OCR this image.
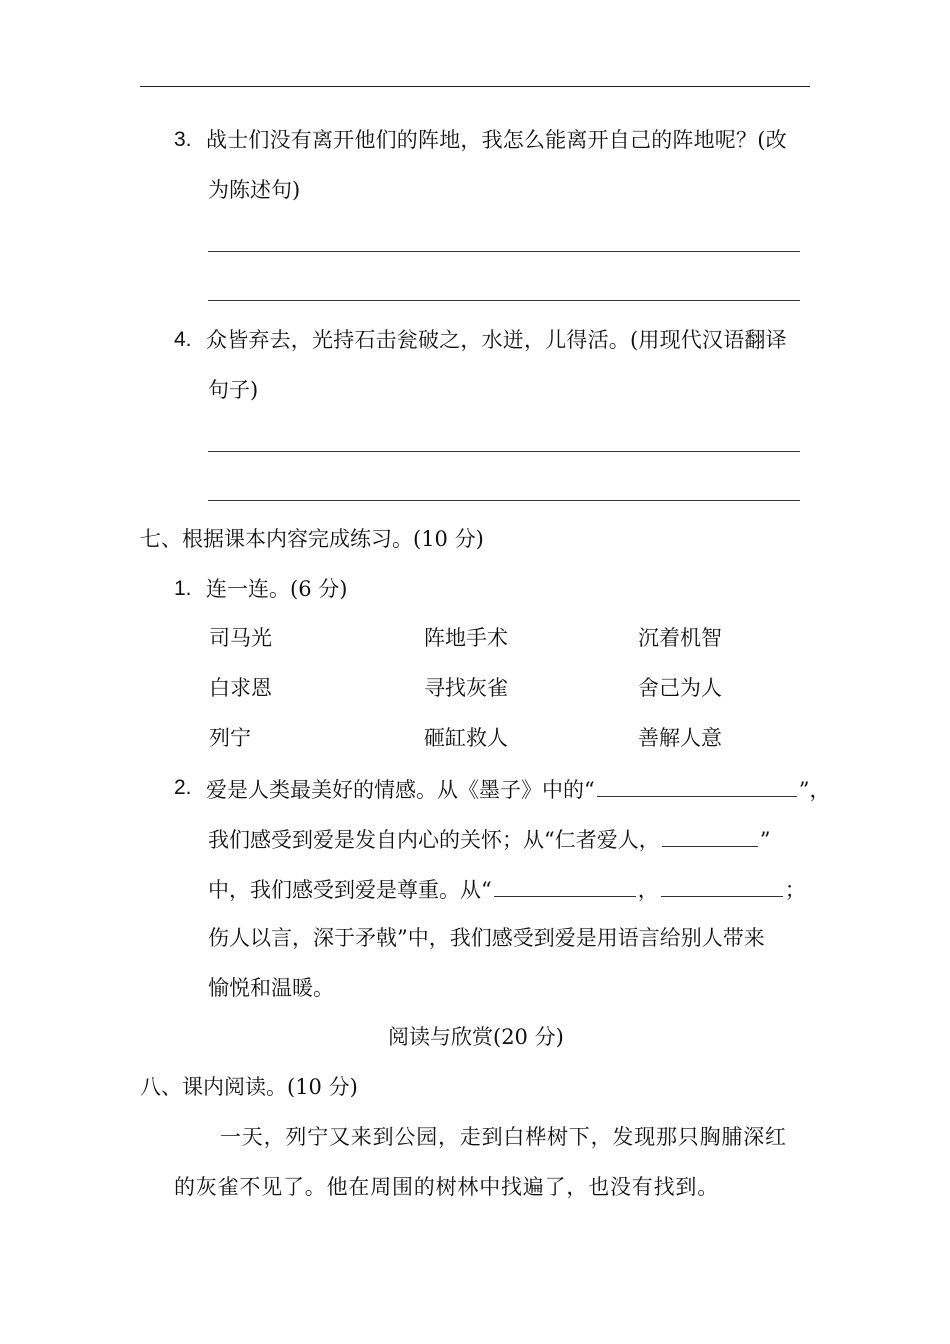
3. 战士们没有离开他们的阵地，我怎么能离开自己的阵地呢？(改
为陈述句)
4. 众皆弃去，光持石击瓮破之，水迸，儿得活。(用现代汉语翻译
句子)
七、根据课本内容完成练习。(10 分)
1. 连一连。(6 分)
司马光	阵地手术	沉着机智
白求恩	寻找灰雀	舍己为人
列宁	砸缸救人	善解人意
2. 爱是人类最美好的情感。从《墨子》中的“	”，
我们感受到爱是发自内心的关怀；从“仁者爱人，	”
中，我们感受到爱是尊重。从“	，	；
伤人以言，深于矛戟”中，我们感受到爱是用语言给别人带来
愉悦和温暖。
阅读与欣赏(20 分)
八、课内阅读。(10 分)
一天，列宁又来到公园，走到白桦树下，发现那只胸脯深红
的灰雀不见了。他在周围的树林中找遍了，也没有找到。
